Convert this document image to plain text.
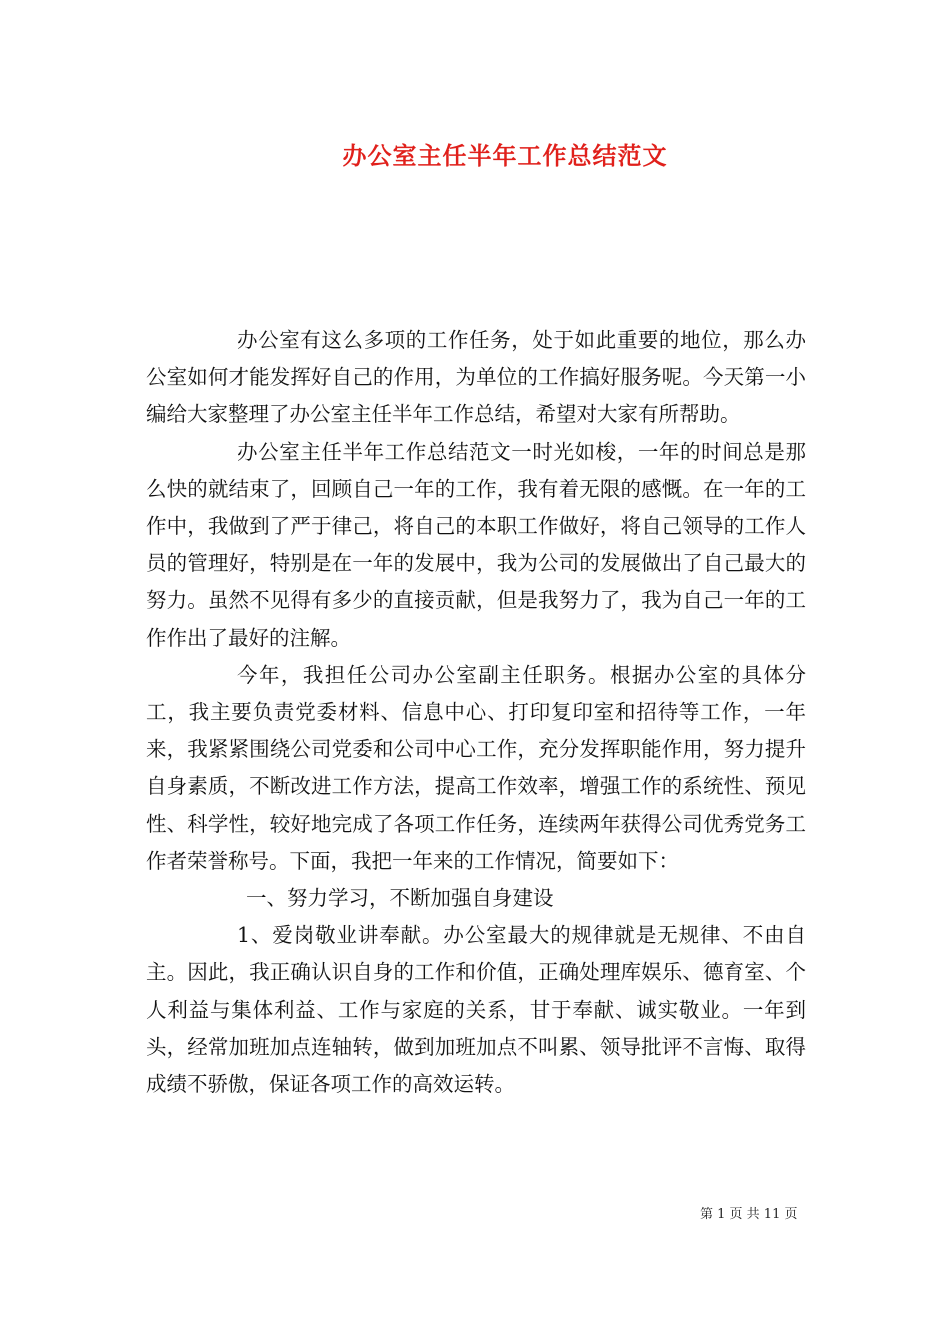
办公室主任半年工作总结范文

办公室有这么多项的工作任务，处于如此重要的地位，那么办公室如何才能发挥好自己的作用，为单位的工作搞好服务呢。今天第一小编给大家整理了办公室主任半年工作总结，希望对大家有所帮助。

办公室主任半年工作总结范文一时光如梭，一年的时间总是那么快的就结束了，回顾自己一年的工作，我有着无限的感慨。在一年的工作中，我做到了严于律己，将自己的本职工作做好，将自己领导的工作人员的管理好，特别是在一年的发展中，我为公司的发展做出了自己最大的努力。虽然不见得有多少的直接贡献，但是我努力了，我为自己一年的工作作出了最好的注解。

今年，我担任公司办公室副主任职务。根据办公室的具体分工，我主要负责党委材料、信息中心、打印复印室和招待等工作，一年来，我紧紧围绕公司党委和公司中心工作，充分发挥职能作用，努力提升自身素质，不断改进工作方法，提高工作效率，增强工作的系统性、预见性、科学性，较好地完成了各项工作任务，连续两年获得公司优秀党务工作者荣誉称号。下面，我把一年来的工作情况，简要如下：

一、努力学习，不断加强自身建设

1、爱岗敬业讲奉献。办公室最大的规律就是无规律、不由自主。因此，我正确认识自身的工作和价值，正确处理库娱乐、德育室、个人利益与集体利益、工作与家庭的关系，甘于奉献、诚实敬业。一年到头，经常加班加点连轴转，做到加班加点不叫累、领导批评不言悔、取得成绩不骄傲，保证各项工作的高效运转。

第 1 页 共 11 页
